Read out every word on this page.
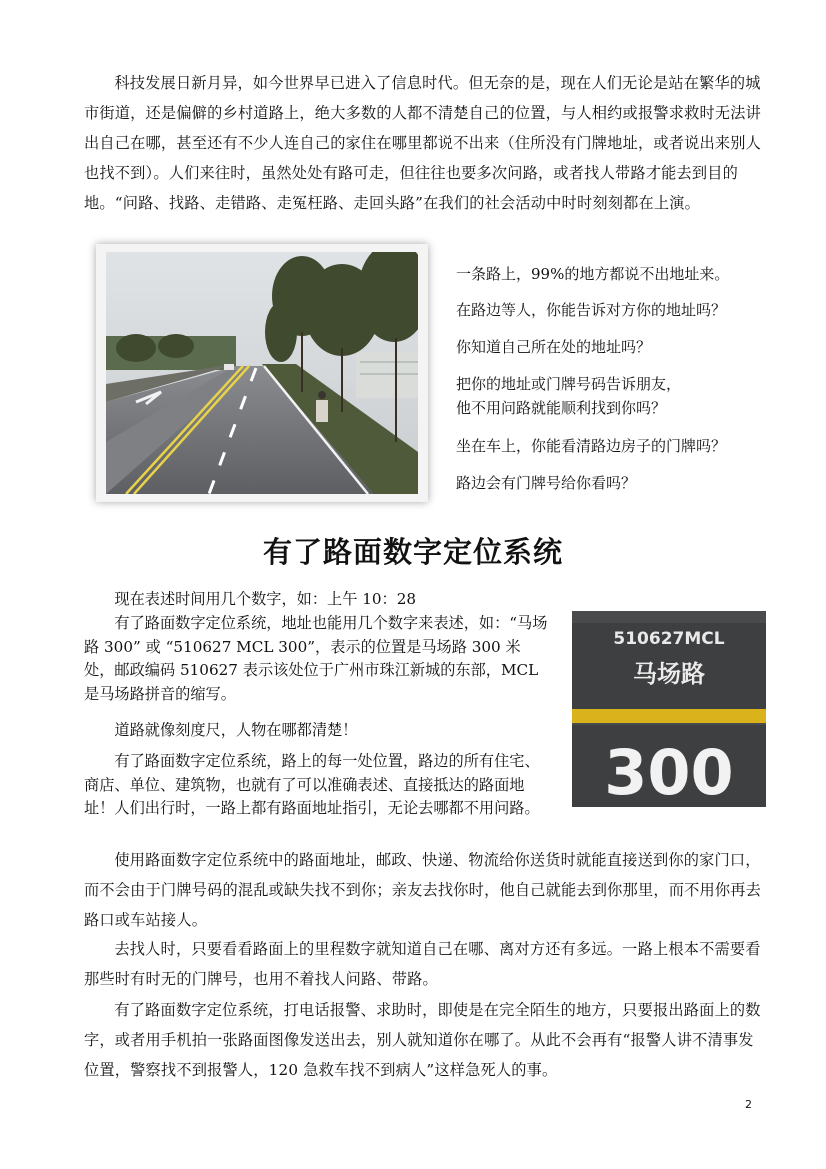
科技发展日新月异，如今世界早已进入了信息时代。但无奈的是，现在人们无论是站在繁华的城市街道，还是偏僻的乡村道路上，绝大多数的人都不清楚自己的位置，与人相约或报警求救时无法讲出自己在哪，甚至还有不少人连自己的家住在哪里都说不出来（住所没有门牌地址，或者说出来别人也找不到）。人们来往时，虽然处处有路可走，但往往也要多次问路，或者找人带路才能去到目的地。“问路、找路、走错路、走冤枉路、走回头路”在我们的社会活动中时时刻刻都在上演。

一条路上，99%的地方都说不出地址来。

在路边等人，你能告诉对方你的地址吗？

你知道自己所在处的地址吗？

把你的地址或门牌号码告诉朋友，

他不用问路就能顺利找到你吗？

坐在车上，你能看清路边房子的门牌吗？

路边会有门牌号给你看吗？

有了路面数字定位系统
510627MCL
马场路
300

现在表述时间用几个数字，如：上午 10：28

有了路面数字定位系统，地址也能用几个数字来表述，如：“马场路 300” 或 “510627 MCL 300”，表示的位置是马场路 300 米处，邮政编码 510627 表示该处位于广州市珠江新城的东部，MCL 是马场路拼音的缩写。

道路就像刻度尺，人物在哪都清楚！

有了路面数字定位系统，路上的每一处位置，路边的所有住宅、商店、单位、建筑物，也就有了可以准确表述、直接抵达的路面地址！人们出行时，一路上都有路面地址指引，无论去哪都不用问路。

使用路面数字定位系统中的路面地址，邮政、快递、物流给你送货时就能直接送到你的家门口，而不会由于门牌号码的混乱或缺失找不到你；亲友去找你时，他自己就能去到你那里，而不用你再去路口或车站接人。

去找人时，只要看看路面上的里程数字就知道自己在哪、离对方还有多远。一路上根本不需要看那些时有时无的门牌号，也用不着找人问路、带路。

有了路面数字定位系统，打电话报警、求助时，即使是在完全陌生的地方，只要报出路面上的数字，或者用手机拍一张路面图像发送出去，别人就知道你在哪了。从此不会再有“报警人讲不清事发位置，警察找不到报警人，120 急救车找不到病人”这样急死人的事。

2
